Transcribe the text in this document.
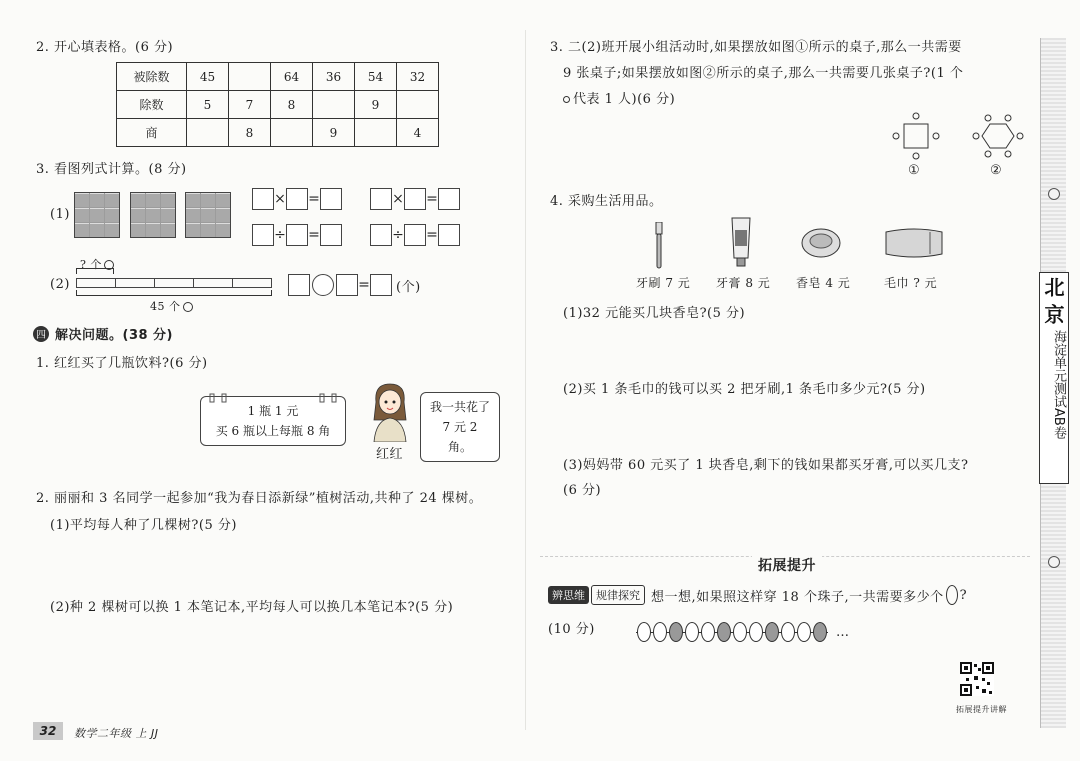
2. 开心填表格。(6 分)
被除数	45		64	36	54	32
除数	5	7	8		9	
商		8		9		4
3. 看图列式计算。(8 分)
(1)
× =	× =
÷ =	÷ =
(2)
? 个
45 个
= (个)
四 解决问题。(38 分)
1. 红红买了几瓶饮料?(6 分)
1 瓶 1 元
买 6 瓶以上每瓶 8 角
红红
我一共花了
7 元 2 角。
2. 丽丽和 3 名同学一起参加“我为春日添新绿”植树活动,共种了 24 棵树。
(1)平均每人种了几棵树?(5 分)
(2)种 2 棵树可以换 1 本笔记本,平均每人可以换几本笔记本?(5 分)
32	数学二年级 上 JJ
3. 二(2)班开展小组活动时,如果摆放如图①所示的桌子,那么一共需要
9 张桌子;如果摆放如图②所示的桌子,那么一共需要几张桌子?(1 个
代表 1 人)(6 分)
①	②
4. 采购生活用品。
牙刷 7 元 牙膏 8 元 香皂 4 元	毛巾 ? 元
(1)32 元能买几块香皂?(5 分)
(2)买 1 条毛巾的钱可以买 2 把牙刷,1 条毛巾多少元?(5 分)
(3)妈妈带 60 元买了 1 块香皂,剩下的钱如果都买牙膏,可以买几支?
(6 分)
拓展提升
辨思维	规律探究 想一想,如果照这样穿 18 个珠子,一共需要多少个 ?
(10 分)	…
拓展提升讲解
北 京
海淀单元测试AB卷
